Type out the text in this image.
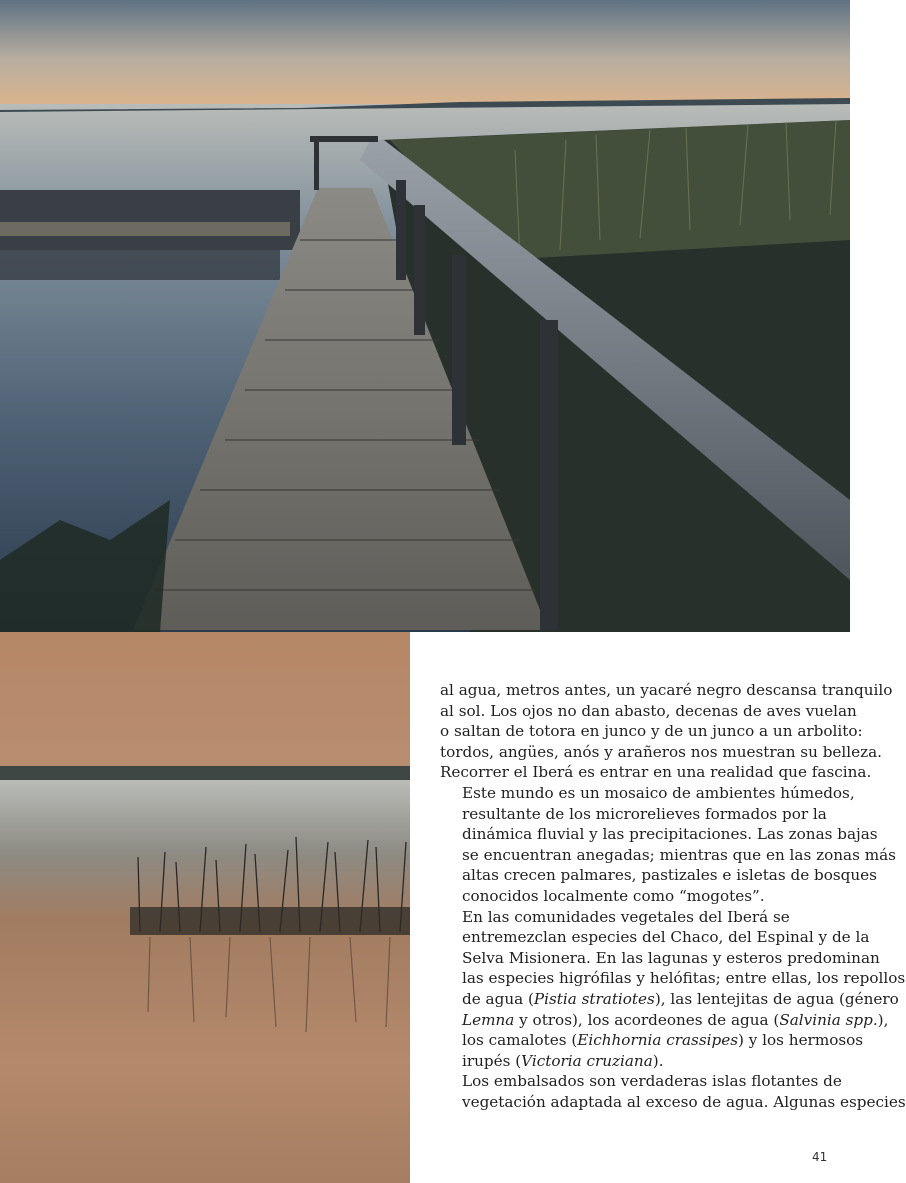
al agua, metros antes, un yacaré negro descansa tranquilo
al sol. Los ojos no dan abasto, decenas de aves vuelan
o saltan de totora en junco y de un junco a un arbolito:
tordos, angües, anós y arañeros nos muestran su belleza.
Recorrer el Iberá es entrar en una realidad que fascina.

Este mundo es un mosaico de ambientes húmedos,
resultante de los microrelieves formados por la
dinámica fluvial y las precipitaciones. Las zonas bajas
se encuentran anegadas; mientras que en las zonas más
altas crecen palmares, pastizales e isletas de bosques
conocidos localmente como “mogotes”.

En las comunidades vegetales del Iberá se
entremezclan especies del Chaco, del Espinal y de la
Selva Misionera. En las lagunas y esteros predominan
las especies higrófilas y helófitas; entre ellas, los repollos
de agua (Pistia stratiotes), las lentejitas de agua (género
Lemna y otros), los acordeones de agua (Salvinia spp.),
los camalotes (Eichhornia crassipes) y los hermosos
irupés (Victoria cruziana).

Los embalsados son verdaderas islas flotantes de
vegetación adaptada al exceso de agua. Algunas especies

41
